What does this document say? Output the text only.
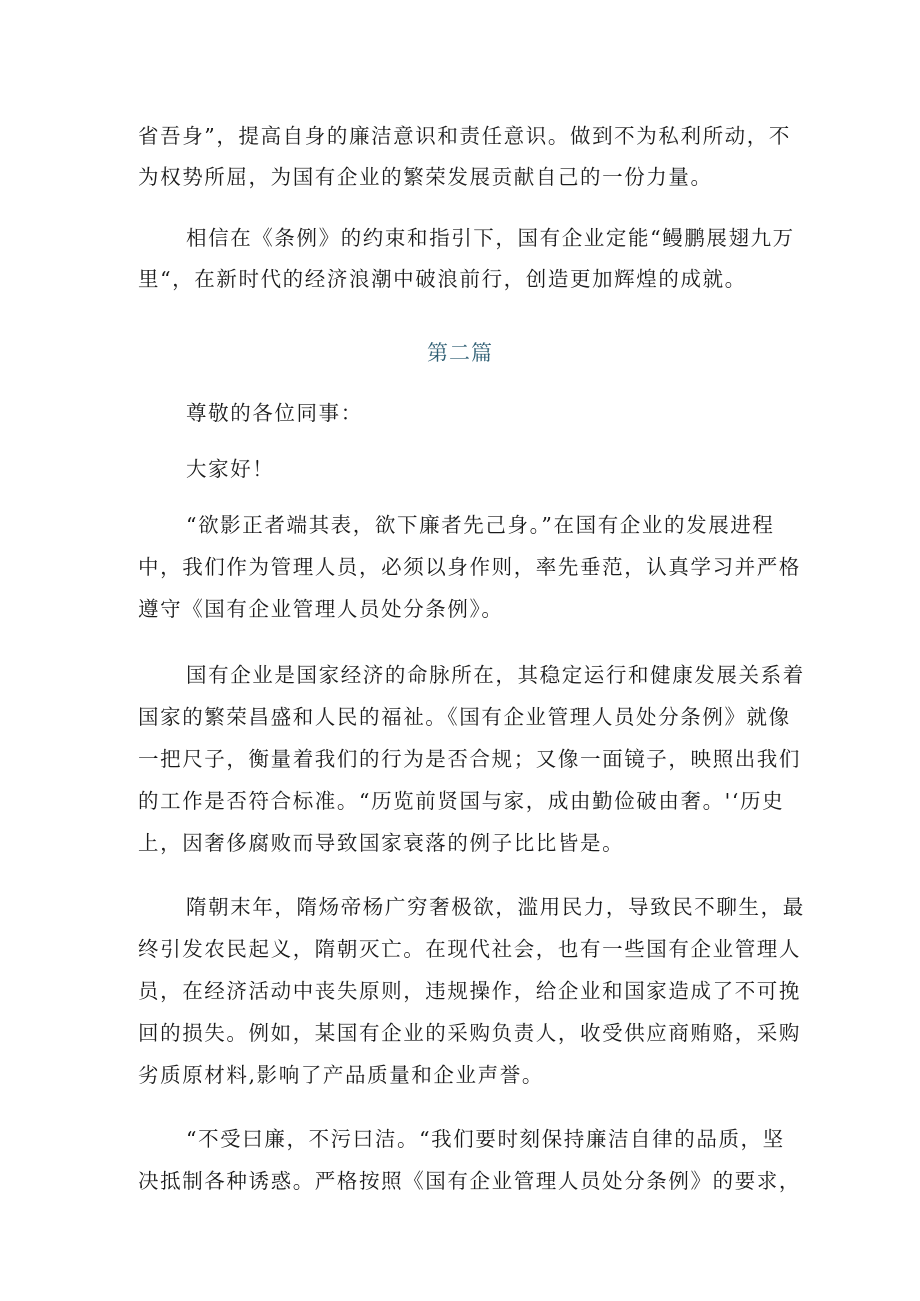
省吾身”，提高自身的廉洁意识和责任意识。做到不为私利所动，不
为权势所屈，为国有企业的繁荣发展贡献自己的一份力量。
相信在《条例》的约束和指引下，国有企业定能“鳗鹏展翅九万
里“，在新时代的经济浪潮中破浪前行，创造更加辉煌的成就。
第二篇
尊敬的各位同事：
大家好！
“欲影正者端其表，欲下廉者先己身。”在国有企业的发展进程
中，我们作为管理人员，必须以身作则，率先垂范，认真学习并严格
遵守《国有企业管理人员处分条例》。
国有企业是国家经济的命脉所在，其稳定运行和健康发展关系着
国家的繁荣昌盛和人民的福祉。《国有企业管理人员处分条例》就像
一把尺子，衡量着我们的行为是否合规；又像一面镜子，映照出我们
的工作是否符合标准。“历览前贤国与家，成由勤俭破由奢。'‘历史
上，因奢侈腐败而导致国家衰落的例子比比皆是。
隋朝末年，隋炀帝杨广穷奢极欲，滥用民力，导致民不聊生，最
终引发农民起义，隋朝灭亡。在现代社会，也有一些国有企业管理人
员，在经济活动中丧失原则，违规操作，给企业和国家造成了不可挽
回的损失。例如，某国有企业的采购负责人，收受供应商贿赂，采购
劣质原材料,影响了产品质量和企业声誉。
“不受曰廉，不污曰洁。“我们要时刻保持廉洁自律的品质，坚
决抵制各种诱惑。严格按照《国有企业管理人员处分条例》的要求，
